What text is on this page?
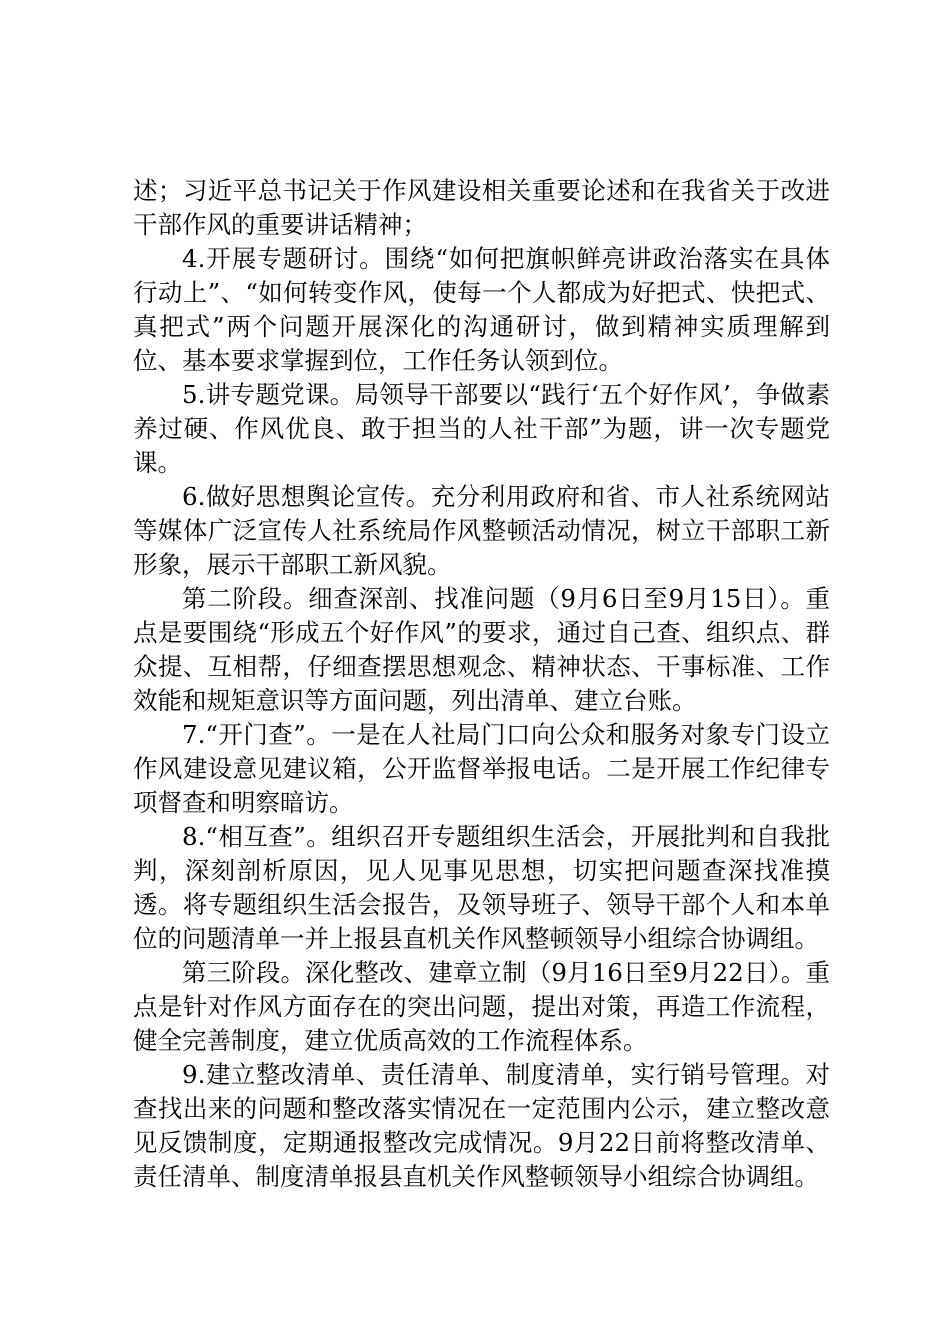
述；习近平总书记关于作风建设相关重要论述和在我省关于改进干部作风的重要讲话精神；

4.开展专题研讨。围绕“如何把旗帜鲜亮讲政治落实在具体行动上”、“如何转变作风，使每一个人都成为好把式、快把式、真把式”两个问题开展深化的沟通研讨，做到精神实质理解到位、基本要求掌握到位，工作任务认领到位。

5.讲专题党课。局领导干部要以“践行‘五个好作风’，争做素养过硬、作风优良、敢于担当的人社干部”为题，讲一次专题党课。

6.做好思想舆论宣传。充分利用政府和省、市人社系统网站等媒体广泛宣传人社系统局作风整顿活动情况，树立干部职工新形象，展示干部职工新风貌。

第二阶段。细查深剖、找准问题（9月6日至9月15日）。重点是要围绕“形成五个好作风”的要求，通过自己查、组织点、群众提、互相帮，仔细查摆思想观念、精神状态、干事标准、工作效能和规矩意识等方面问题，列出清单、建立台账。

7.“开门查”。一是在人社局门口向公众和服务对象专门设立作风建设意见建议箱，公开监督举报电话。二是开展工作纪律专项督查和明察暗访。

8.“相互查”。组织召开专题组织生活会，开展批判和自我批判，深刻剖析原因，见人见事见思想，切实把问题查深找准摸透。将专题组织生活会报告，及领导班子、领导干部个人和本单位的问题清单一并上报县直机关作风整顿领导小组综合协调组。

第三阶段。深化整改、建章立制（9月16日至9月22日）。重点是针对作风方面存在的突出问题，提出对策，再造工作流程，健全完善制度，建立优质高效的工作流程体系。

9.建立整改清单、责任清单、制度清单，实行销号管理。对查找出来的问题和整改落实情况在一定范围内公示，建立整改意见反馈制度，定期通报整改完成情况。9月22日前将整改清单、责任清单、制度清单报县直机关作风整顿领导小组综合协调组。
